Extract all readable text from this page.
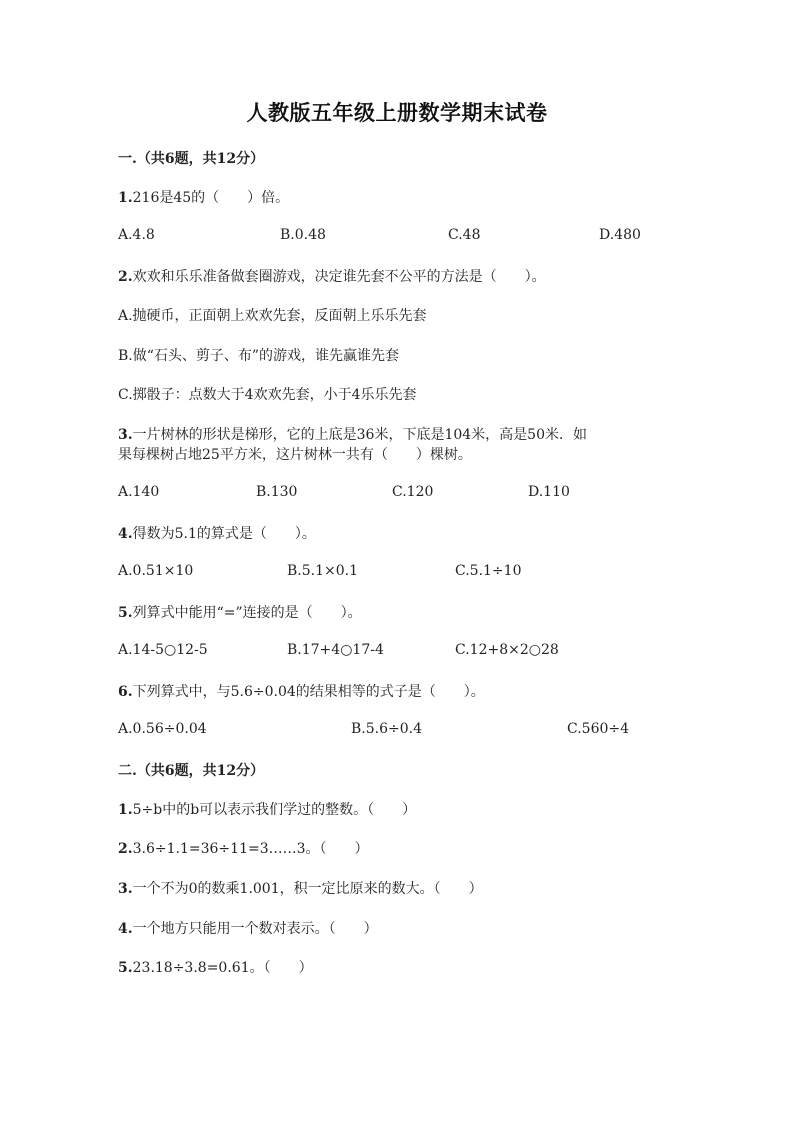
人教版五年级上册数学期末试卷
一.（共6题，共12分）
1.216是45的（　　）倍。
A.4.8	B.0.48	C.48	D.480
2.欢欢和乐乐准备做套圈游戏，决定谁先套不公平的方法是（　　）。
A.抛硬币，正面朝上欢欢先套，反面朝上乐乐先套
B.做“石头、剪子、布”的游戏，谁先赢谁先套
C.掷骰子：点数大于4欢欢先套，小于4乐乐先套
3.一片树林的形状是梯形，它的上底是36米，下底是104米，高是50米．如
果每棵树占地25平方米，这片树林一共有（　　）棵树。
A.140	B.130	C.120	D.110
4.得数为5.1的算式是（　　）。
A.0.51×10	B.5.1×0.1	C.5.1÷10
5.列算式中能用“=”连接的是（　　）。
A.14-5○12-5	B.17+4○17-4	C.12+8×2○28
6.下列算式中，与5.6÷0.04的结果相等的式子是（　　）。
A.0.56÷0.04	B.5.6÷0.4	C.560÷4
二.（共6题，共12分）
1.5÷b中的b可以表示我们学过的整数。（　　）
2.3.6÷1.1=36÷11=3……3。（　　）
3.一个不为0的数乘1.001，积一定比原来的数大。（　　）
4.一个地方只能用一个数对表示。（　　）
5.23.18÷3.8=0.61。（　　）
